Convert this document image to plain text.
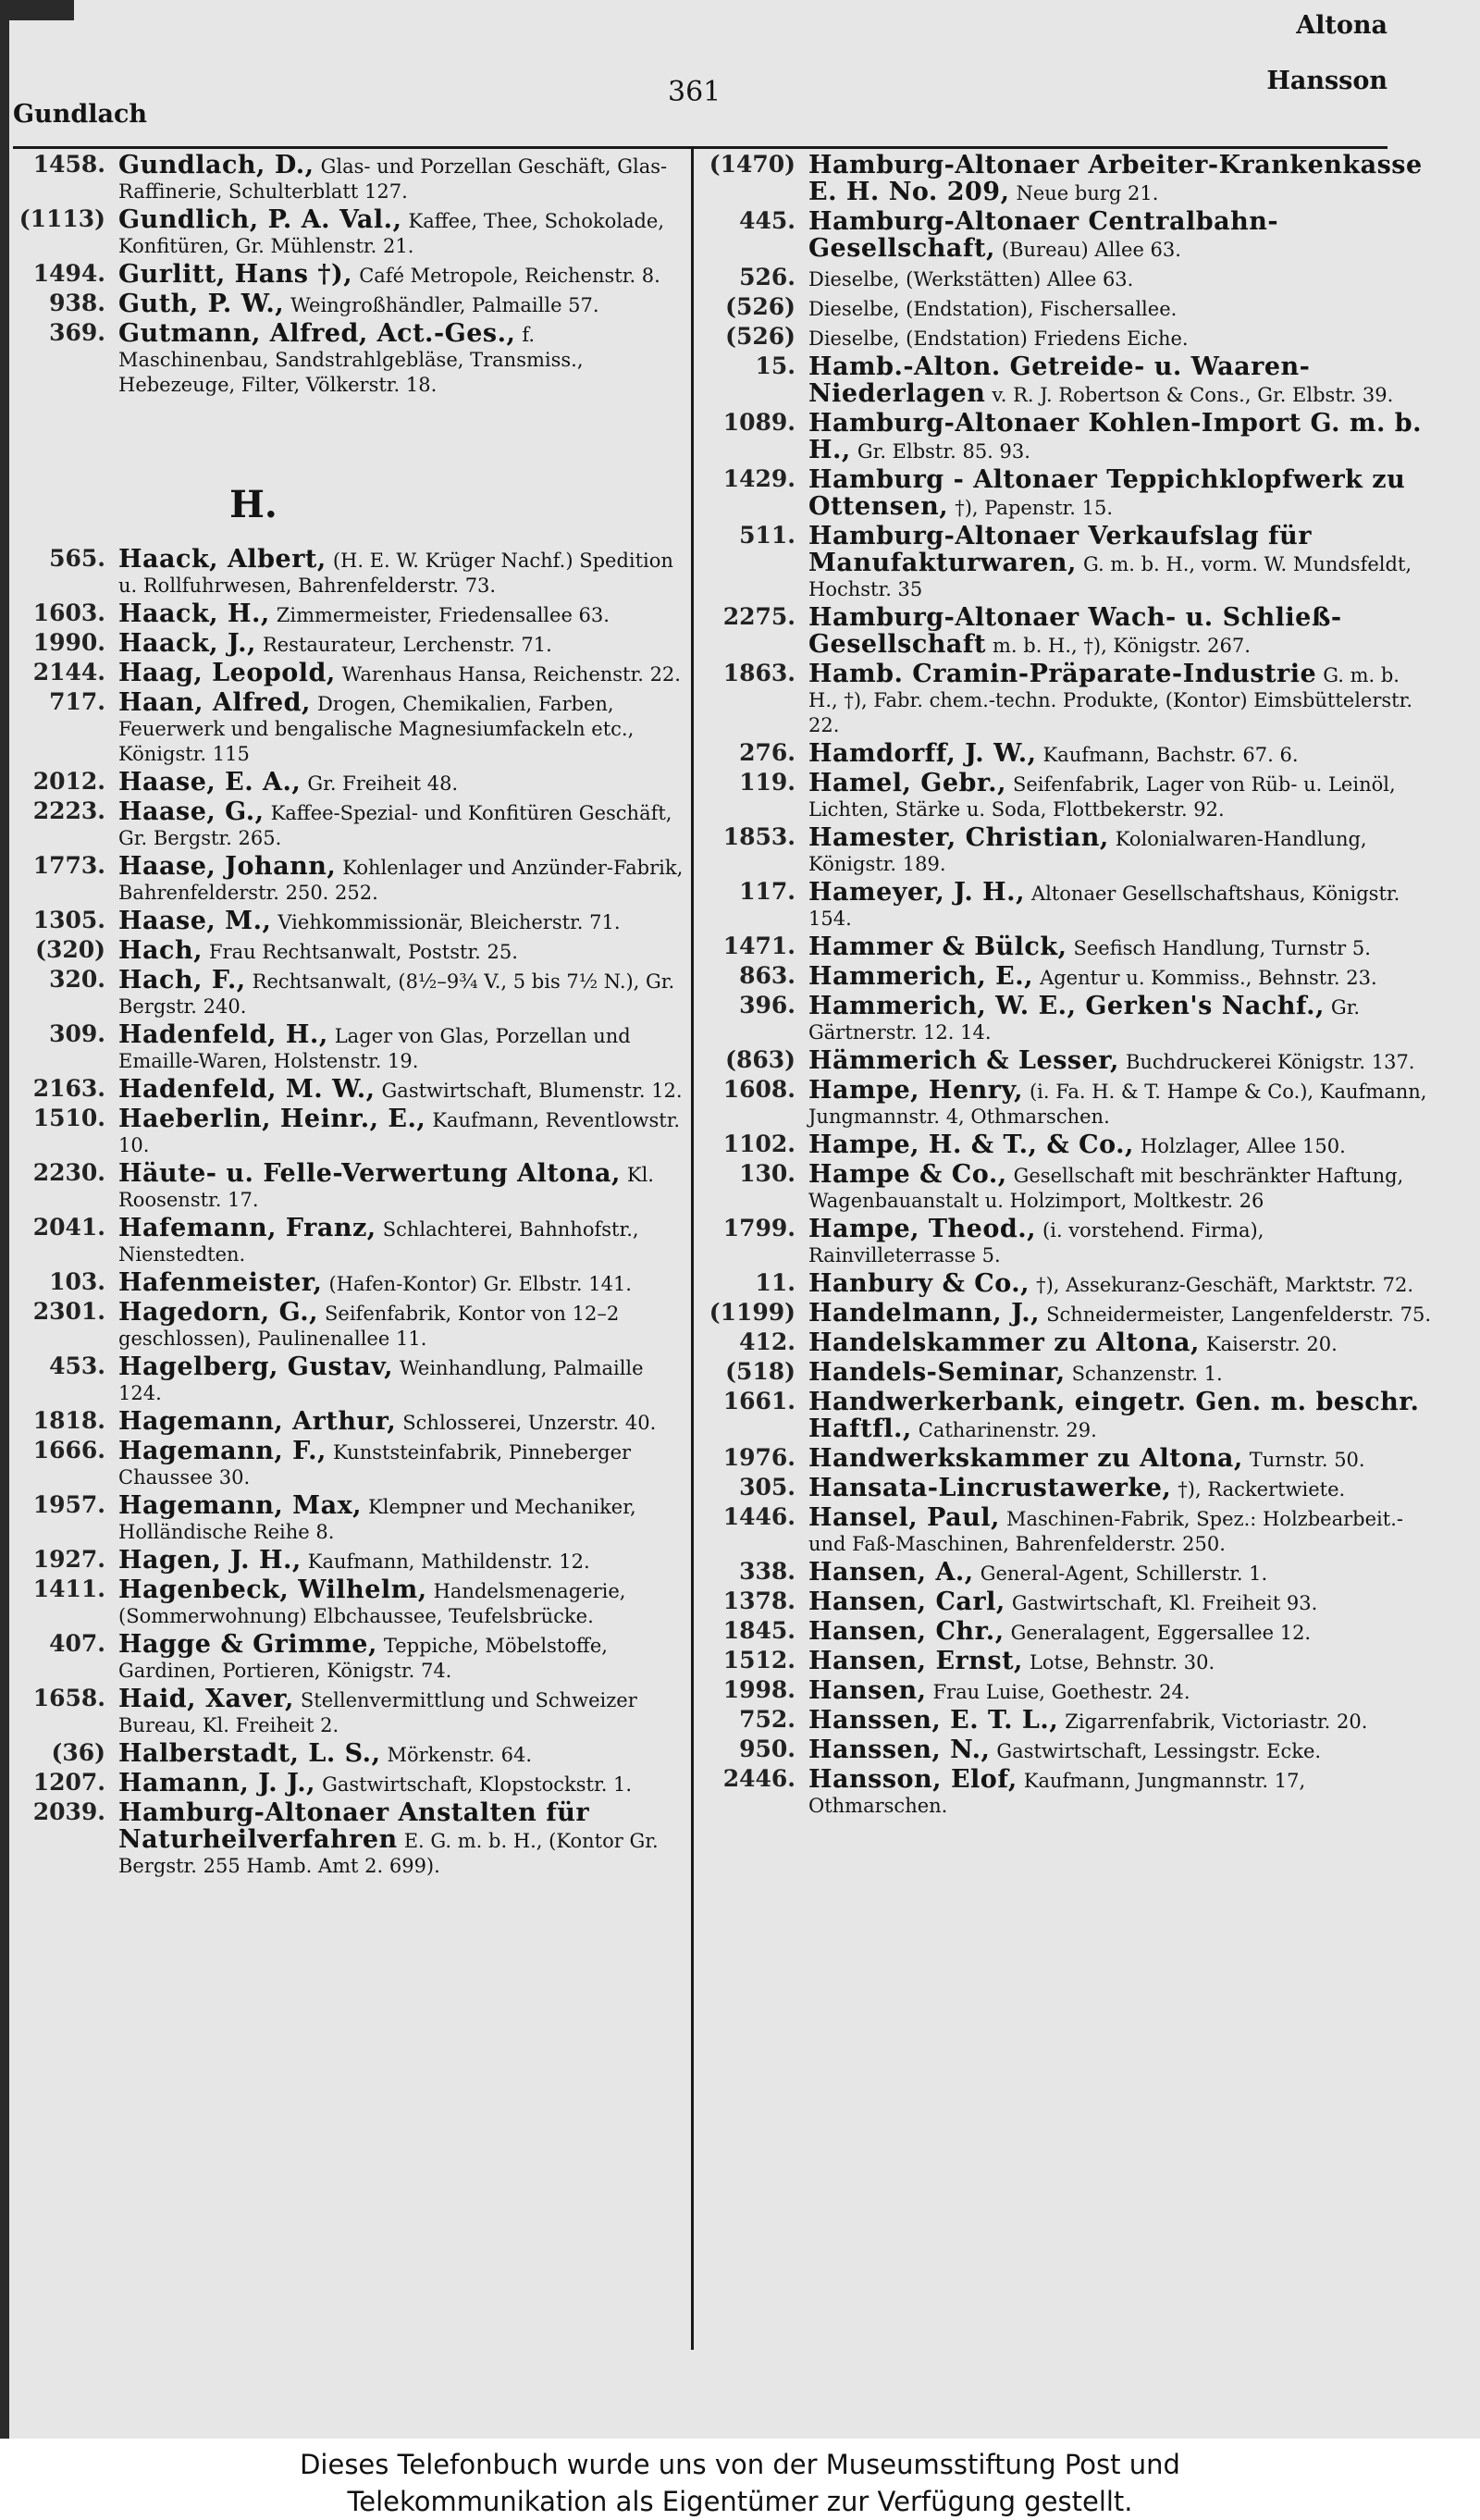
Gundlach
361
Altona
Hansson
1458. Gundlach, D., Glas- und Porzellan Geschäft, Glas-Raffinerie, Schulterblatt 127.
(1113) Gundlich, P. A. Val., Kaffee, Thee, Schokolade, Konfitüren, Gr. Mühlenstr. 21.
1494. Gurlitt, Hans †), Café Metropole, Reichenstr. 8.
938. Guth, P. W., Weingroßhändler, Palmaille 57.
369. Gutmann, Alfred, Act.-Ges., f. Maschinenbau, Sandstrahlgebläse, Transmiss., Hebezeuge, Filter, Völkerstr. 18.
H.
565. Haack, Albert, (H. E. W. Krüger Nachf.) Spedition u. Rollfuhrwesen, Bahrenfelderstr. 73.
1603. Haack, H., Zimmermeister, Friedensallee 63.
1990. Haack, J., Restaurateur, Lerchenstr. 71.
2144. Haag, Leopold, Warenhaus Hansa, Reichenstr. 22.
717. Haan, Alfred, Drogen, Chemikalien, Farben, Feuerwerk und bengalische Magnesiumfackeln etc., Königstr. 115
2012. Haase, E. A., Gr. Freiheit 48.
2223. Haase, G., Kaffee-Spezial- und Konfitüren Geschäft, Gr. Bergstr. 265.
1773. Haase, Johann, Kohlenlager und Anzünder-Fabrik, Bahrenfelderstr. 250. 252.
1305. Haase, M., Viehkommissionär, Bleicherstr. 71.
(320) Hach, Frau Rechtsanwalt, Poststr. 25.
320. Hach, F., Rechtsanwalt, (8½–9¾ V., 5 bis 7½ N.), Gr. Bergstr. 240.
309. Hadenfeld, H., Lager von Glas, Porzellan und Emaille-Waren, Holstenstr. 19.
2163. Hadenfeld, M. W., Gastwirtschaft, Blumenstr. 12.
1510. Haeberlin, Heinr., E., Kaufmann, Reventlowstr. 10.
2230. Häute- u. Felle-Verwertung Altona, Kl. Roosenstr. 17.
2041. Hafemann, Franz, Schlachterei, Bahnhofstr., Nienstedten.
103. Hafenmeister, (Hafen-Kontor) Gr. Elbstr. 141.
2301. Hagedorn, G., Seifenfabrik, Kontor von 12–2 geschlossen), Paulinenallee 11.
453. Hagelberg, Gustav, Weinhandlung, Palmaille 124.
1818. Hagemann, Arthur, Schlosserei, Unzerstr. 40.
1666. Hagemann, F., Kunststeinfabrik, Pinneberger Chaussee 30.
1957. Hagemann, Max, Klempner und Mechaniker, Holländische Reihe 8.
1927. Hagen, J. H., Kaufmann, Mathildenstr. 12.
1411. Hagenbeck, Wilhelm, Handelsmenagerie, (Sommerwohnung) Elbchaussee, Teufelsbrücke.
407. Hagge & Grimme, Teppiche, Möbelstoffe, Gardinen, Portieren, Königstr. 74.
1658. Haid, Xaver, Stellenvermittlung und Schweizer Bureau, Kl. Freiheit 2.
(36) Halberstadt, L. S., Mörkenstr. 64.
1207. Hamann, J. J., Gastwirtschaft, Klopstockstr. 1.
2039. Hamburg-Altonaer Anstalten für Naturheilverfahren E. G. m. b. H., (Kontor Gr. Bergstr. 255 Hamb. Amt 2. 699).
(1470) Hamburg-Altonaer Arbeiter-Krankenkasse E. H. No. 209, Neue burg 21.
445. Hamburg-Altonaer Centralbahn-Gesellschaft, (Bureau) Allee 63.
526. Dieselbe, (Werkstätten) Allee 63.
(526) Dieselbe, (Endstation), Fischersallee.
(526) Dieselbe, (Endstation) Friedens Eiche.
15. Hamb.-Alton. Getreide- u. Waaren-Niederlagen v. R. J. Robertson & Cons., Gr. Elbstr. 39.
1089. Hamburg-Altonaer Kohlen-Import G. m. b. H., Gr. Elbstr. 85. 93.
1429. Hamburg - Altonaer Teppichklopfwerk zu Ottensen, †), Papenstr. 15.
511. Hamburg-Altonaer Verkaufslag für Manufakturwaren, G. m. b. H., vorm. W. Mundsfeldt, Hochstr. 35
2275. Hamburg-Altonaer Wach- u. Schließ-Gesellschaft m. b. H., †), Königstr. 267.
1863. Hamb. Cramin-Präparate-Industrie G. m. b. H., †), Fabr. chem.-techn. Produkte, (Kontor) Eimsbüttelerstr. 22.
276. Hamdorff, J. W., Kaufmann, Bachstr. 67. 6.
119. Hamel, Gebr., Seifenfabrik, Lager von Rüb- u. Leinöl, Lichten, Stärke u. Soda, Flottbekerstr. 92.
1853. Hamester, Christian, Kolonialwaren-Handlung, Königstr. 189.
117. Hameyer, J. H., Altonaer Gesellschaftshaus, Königstr. 154.
1471. Hammer & Bülck, Seefisch Handlung, Turnstr 5.
863. Hammerich, E., Agentur u. Kommiss., Behnstr. 23.
396. Hammerich, W. E., Gerken's Nachf., Gr. Gärtnerstr. 12. 14.
(863) Hämmerich & Lesser, Buchdruckerei Königstr. 137.
1608. Hampe, Henry, (i. Fa. H. & T. Hampe & Co.), Kaufmann, Jungmannstr. 4, Othmarschen.
1102. Hampe, H. & T., & Co., Holzlager, Allee 150.
130. Hampe & Co., Gesellschaft mit beschränkter Haftung, Wagenbauanstalt u. Holzimport, Moltkestr. 26
1799. Hampe, Theod., (i. vorstehend. Firma), Rainvilleterrasse 5.
11. Hanbury & Co., †), Assekuranz-Geschäft, Marktstr. 72.
(1199) Handelmann, J., Schneidermeister, Langenfelderstr. 75.
412. Handelskammer zu Altona, Kaiserstr. 20.
(518) Handels-Seminar, Schanzenstr. 1.
1661. Handwerkerbank, eingetr. Gen. m. beschr. Haftfl., Catharinenstr. 29.
1976. Handwerkskammer zu Altona, Turnstr. 50.
305. Hansata-Lincrustawerke, †), Rackertwiete.
1446. Hansel, Paul, Maschinen-Fabrik, Spez.: Holzbearbeit.- und Faß-Maschinen, Bahrenfelderstr. 250.
338. Hansen, A., General-Agent, Schillerstr. 1.
1378. Hansen, Carl, Gastwirtschaft, Kl. Freiheit 93.
1845. Hansen, Chr., Generalagent, Eggersallee 12.
1512. Hansen, Ernst, Lotse, Behnstr. 30.
1998. Hansen, Frau Luise, Goethestr. 24.
752. Hanssen, E. T. L., Zigarrenfabrik, Victoriastr. 20.
950. Hanssen, N., Gastwirtschaft, Lessingstr. Ecke.
2446. Hansson, Elof, Kaufmann, Jungmannstr. 17, Othmarschen.
Dieses Telefonbuch wurde uns von der Museumsstiftung Post und
Telekommunikation als Eigentümer zur Verfügung gestellt.
